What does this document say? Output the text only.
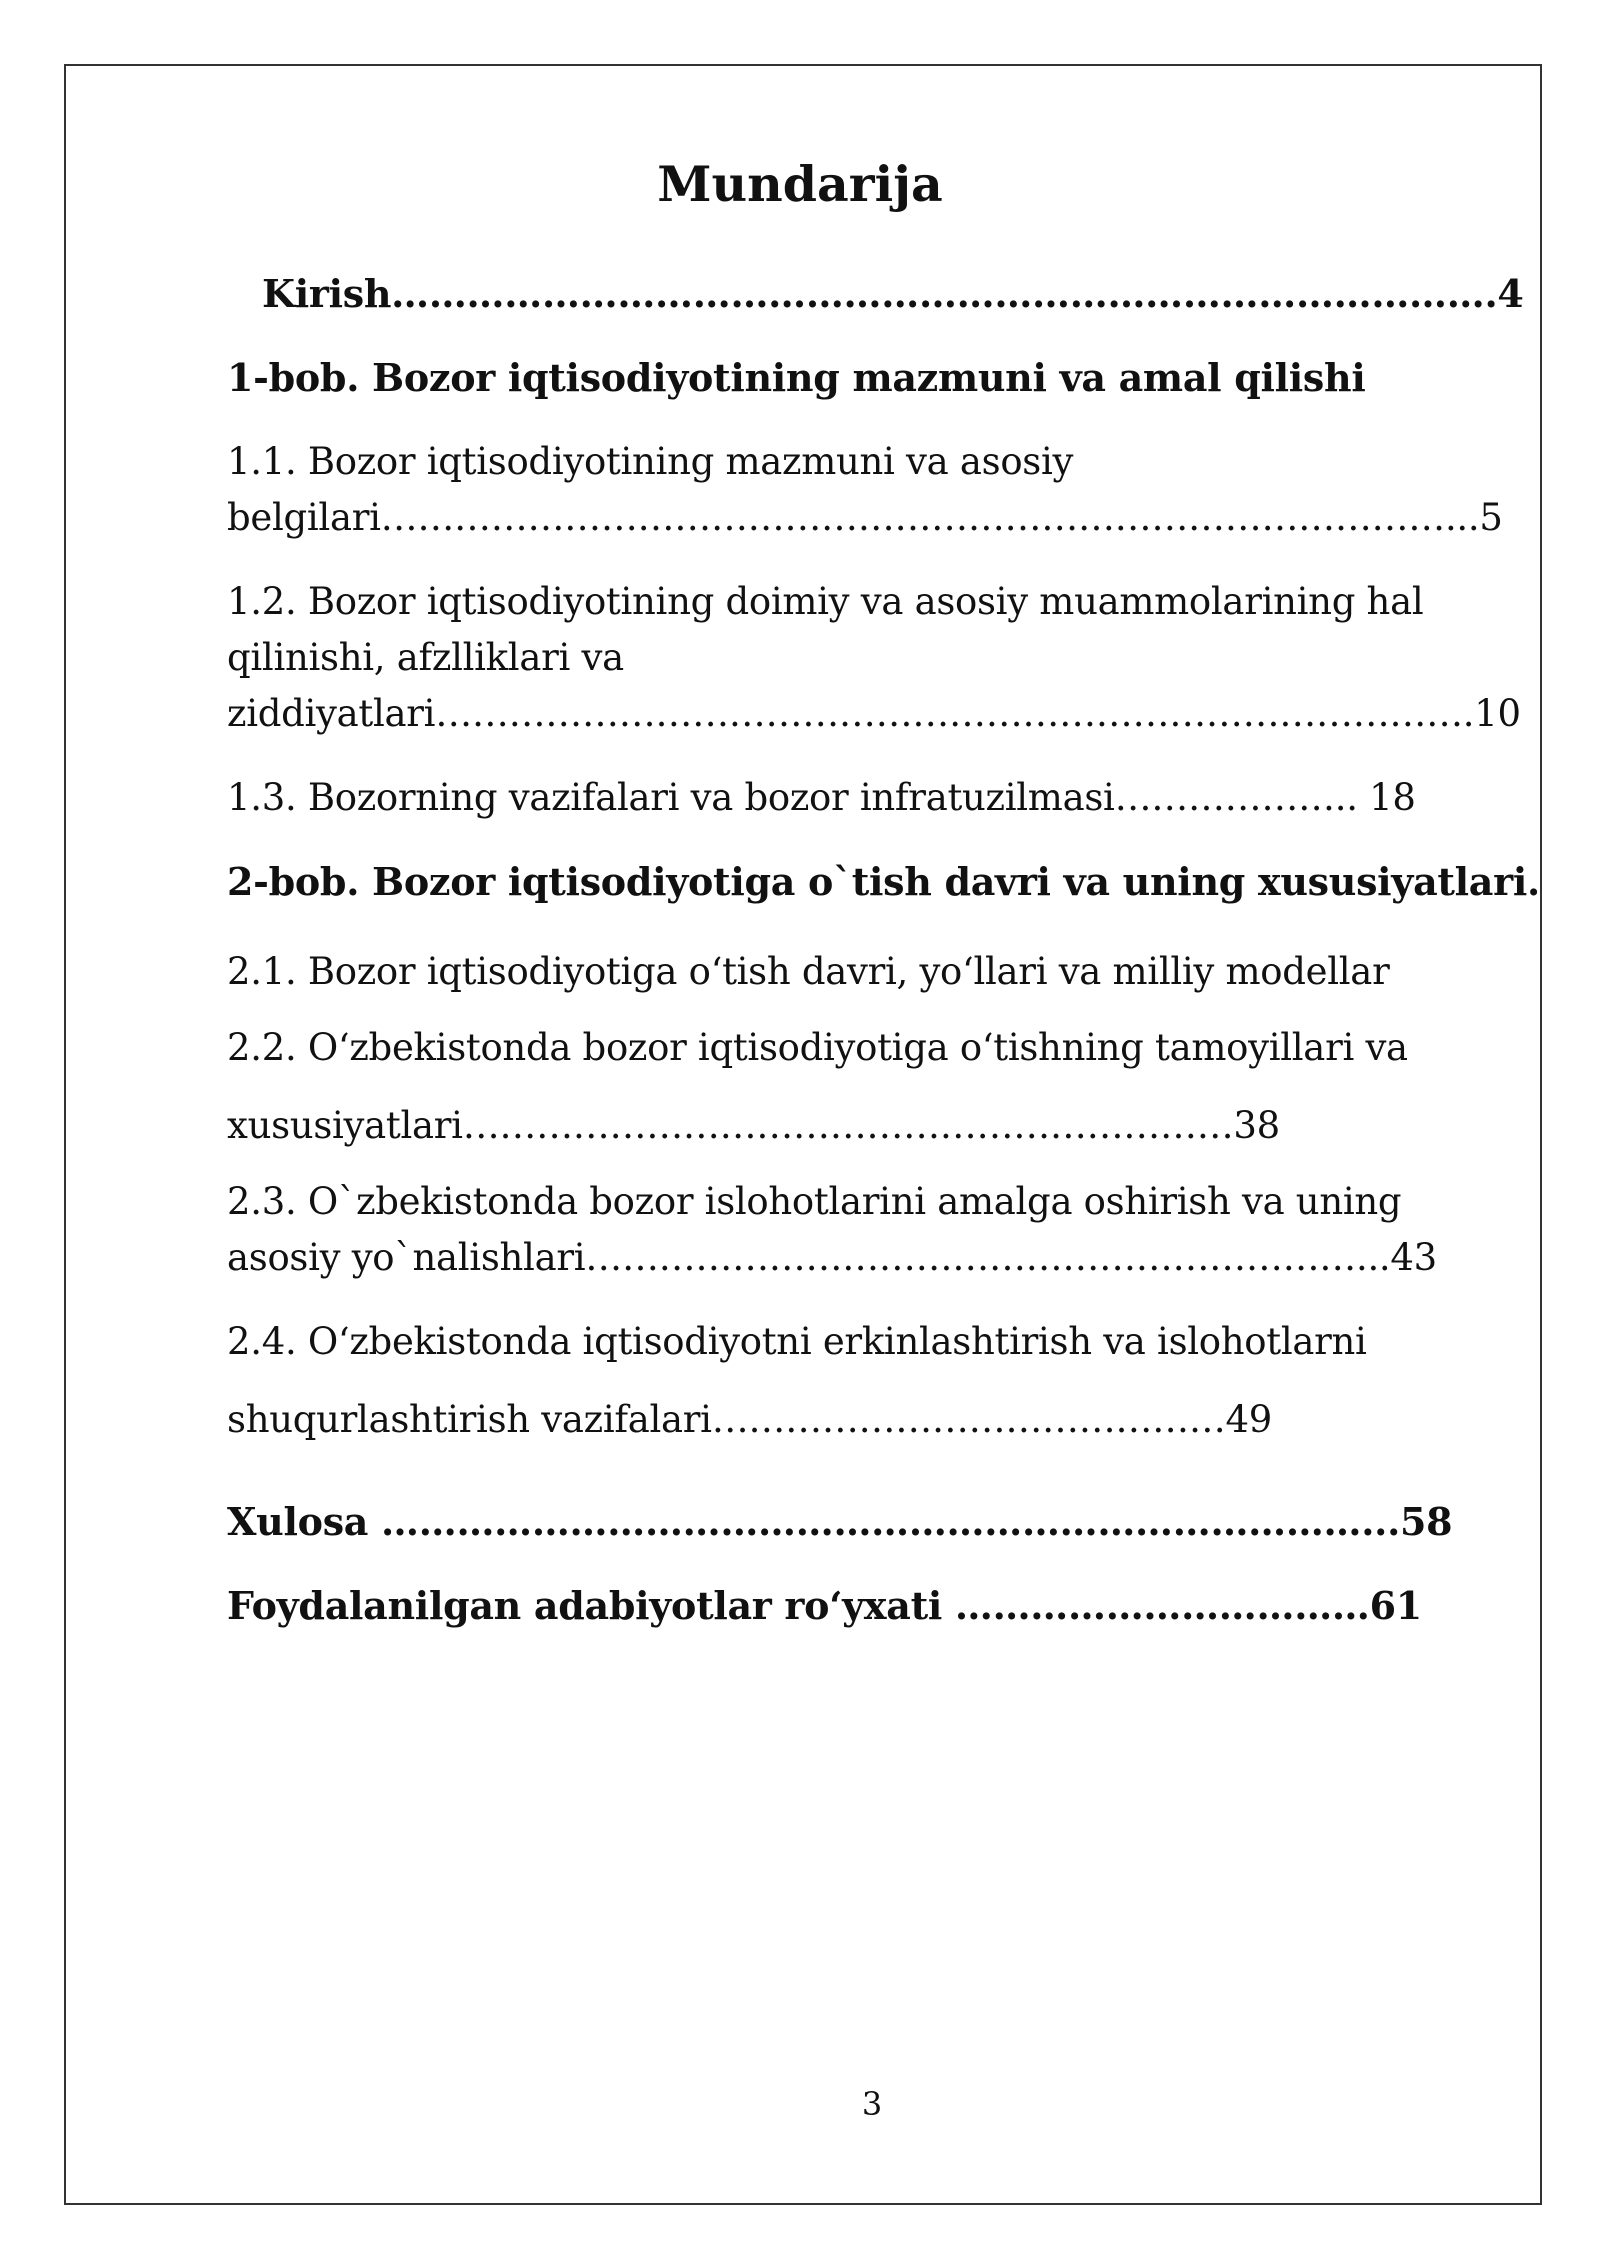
Mundarija
Kirish…………………………………………………………………………….4
1-bob. Bozor iqtisodiyotining mazmuni va amal qilishi
1.1. Bozor iqtisodiyotining mazmuni va asosiy
belgilari……………………………………………………………………………...5
1.2. Bozor iqtisodiyotining doimiy va asosiy muammolarining hal
qilinishi, afzlliklari va
ziddiyatlari………………………………………………………………………….10
1.3. Bozorning vazifalari va bozor infratuzilmasi……………….. 18
2-bob. Bozor iqtisodiyotiga o`tish davri va uning xususiyatlari.
2.1. Bozor iqtisodiyotiga o‘tish davri, yo‘llari va milliy modellar
2.2. O‘zbekistonda bozor iqtisodiyotiga o‘tishning tamoyillari va
xususiyatlari………………………………………………………38
2.3. O`zbekistonda bozor islohotlarini amalga oshirish va uning
asosiy yo`nalishlari………………………………………………………...43
2.4. O‘zbekistonda iqtisodiyotni erkinlashtirish va islohotlarni
shuqurlashtirish vazifalari……………………………………49
Xulosa ……………………………………………………………………...58
Foydalanilgan adabiyotlar ro‘yxati ……………………………61
3
